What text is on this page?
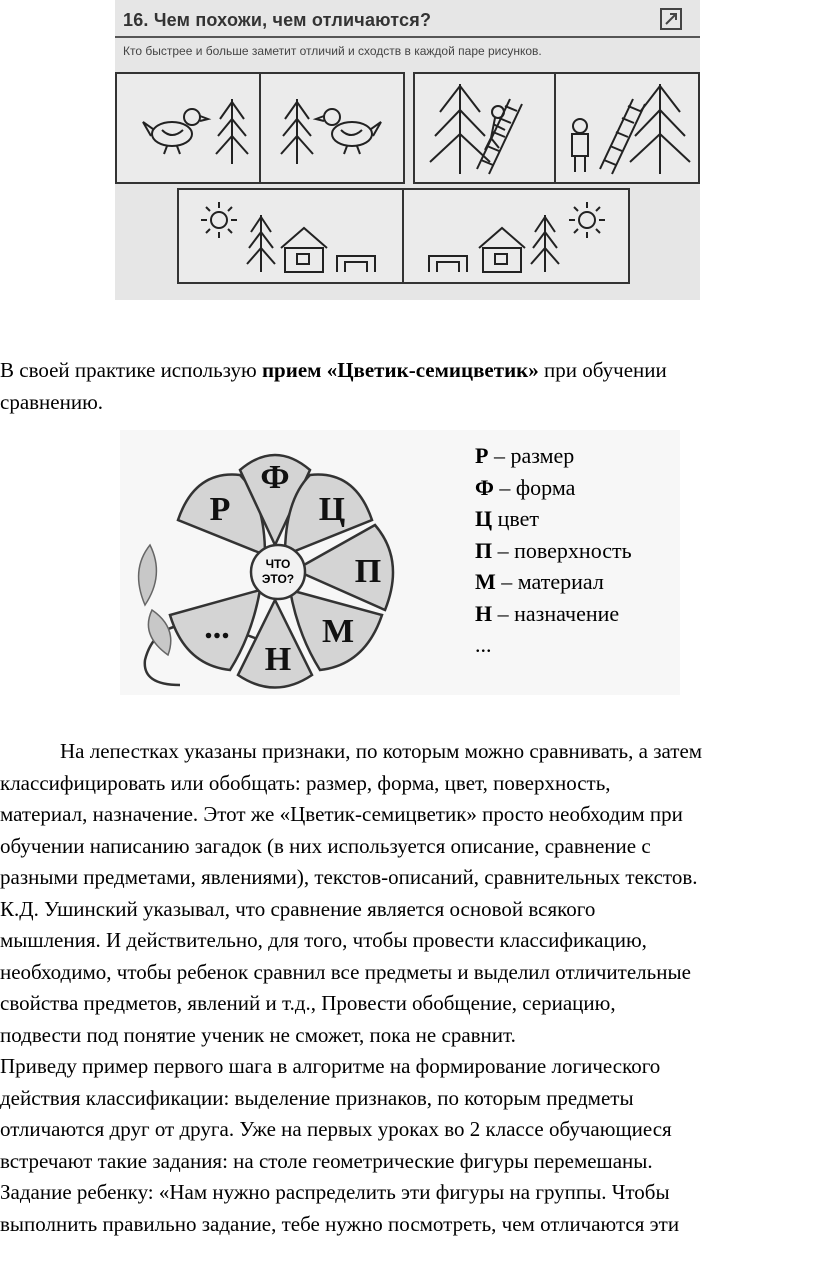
16. Чем похожи, чем отличаются?
Кто быстрее и больше заметит отличий и сходств в каждой паре рисунков.

В своей практике использую прием «Цветик-семицветик» при обучении
сравнению.

ЧТО
ЭТО?
Р
Ф
Ц
П
М
Н
...
Р – размер
Ф – форма
Ц цвет
П – поверхность
М – материал
Н – назначение
...

На лепестках указаны признаки, по которым можно сравнивать, а затем
классифицировать или обобщать: размер, форма, цвет, поверхность,
материал, назначение. Этот же «Цветик-семицветик» просто необходим при
обучении написанию загадок (в них используется описание, сравнение с
разными предметами, явлениями), текстов-описаний, сравнительных текстов.
К.Д. Ушинский указывал, что сравнение является основой всякого
мышления. И действительно, для того, чтобы провести классификацию,
необходимо, чтобы ребенок сравнил все предметы и выделил отличительные
свойства предметов, явлений и т.д., Провести обобщение, сериацию,
подвести под понятие ученик не сможет, пока не сравнит.
Приведу пример первого шага в алгоритме на формирование логического
действия классификации: выделение признаков, по которым предметы
отличаются друг от друга. Уже на первых уроках во 2 классе обучающиеся
встречают такие задания: на столе геометрические фигуры перемешаны.
Задание ребенку: «Нам нужно распределить эти фигуры на группы. Чтобы
выполнить правильно задание, тебе нужно посмотреть, чем отличаются эти
